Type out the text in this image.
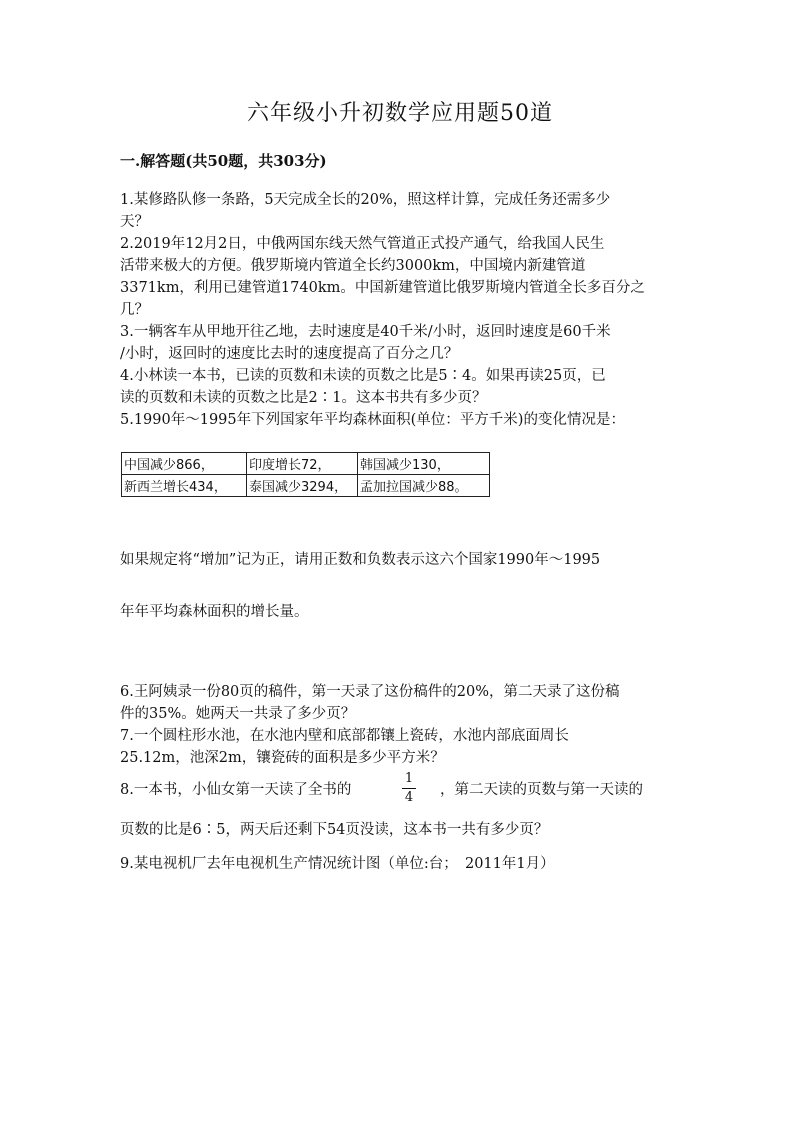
六年级小升初数学应用题50道
一.解答题(共50题，共303分)
1.某修路队修一条路，5天完成全长的20%，照这样计算，完成任务还需多少
天？
2.2019年12月2日，中俄两国东线天然气管道正式投产通气，给我国人民生
活带来极大的方便。俄罗斯境内管道全长约3000km，中国境内新建管道
3371km，利用已建管道1740km。中国新建管道比俄罗斯境内管道全长多百分之
几？
3.一辆客车从甲地开往乙地，去时速度是40千米/小时，返回时速度是60千米
/小时，返回时的速度比去时的速度提高了百分之几？
4.小林读一本书，已读的页数和未读的页数之比是5∶4。如果再读25页，已
读的页数和未读的页数之比是2∶1。这本书共有多少页？
5.1990年～1995年下列国家年平均森林面积(单位：平方千米)的变化情况是：
中国减少866，	印度增长72，	韩国减少130，
新西兰增长434，	泰国减少3294，	孟加拉国减少88。
如果规定将“增加”记为正，请用正数和负数表示这六个国家1990年～1995
年年平均森林面积的增长量。
6.王阿姨录一份80页的稿件，第一天录了这份稿件的20%，第二天录了这份稿
件的35%。她两天一共录了多少页？
7.一个圆柱形水池，在水池内壁和底部都镶上瓷砖，水池内部底面周长
25.12m，池深2m，镶瓷砖的面积是多少平方米？
8.一本书，小仙女第一天读了全书的
1
4 ，第二天读的页数与第一天读的
页数的比是6∶5，两天后还剩下54页没读，这本书一共有多少页？
9.某电视机厂去年电视机生产情况统计图（单位:台；　2011年1月）
